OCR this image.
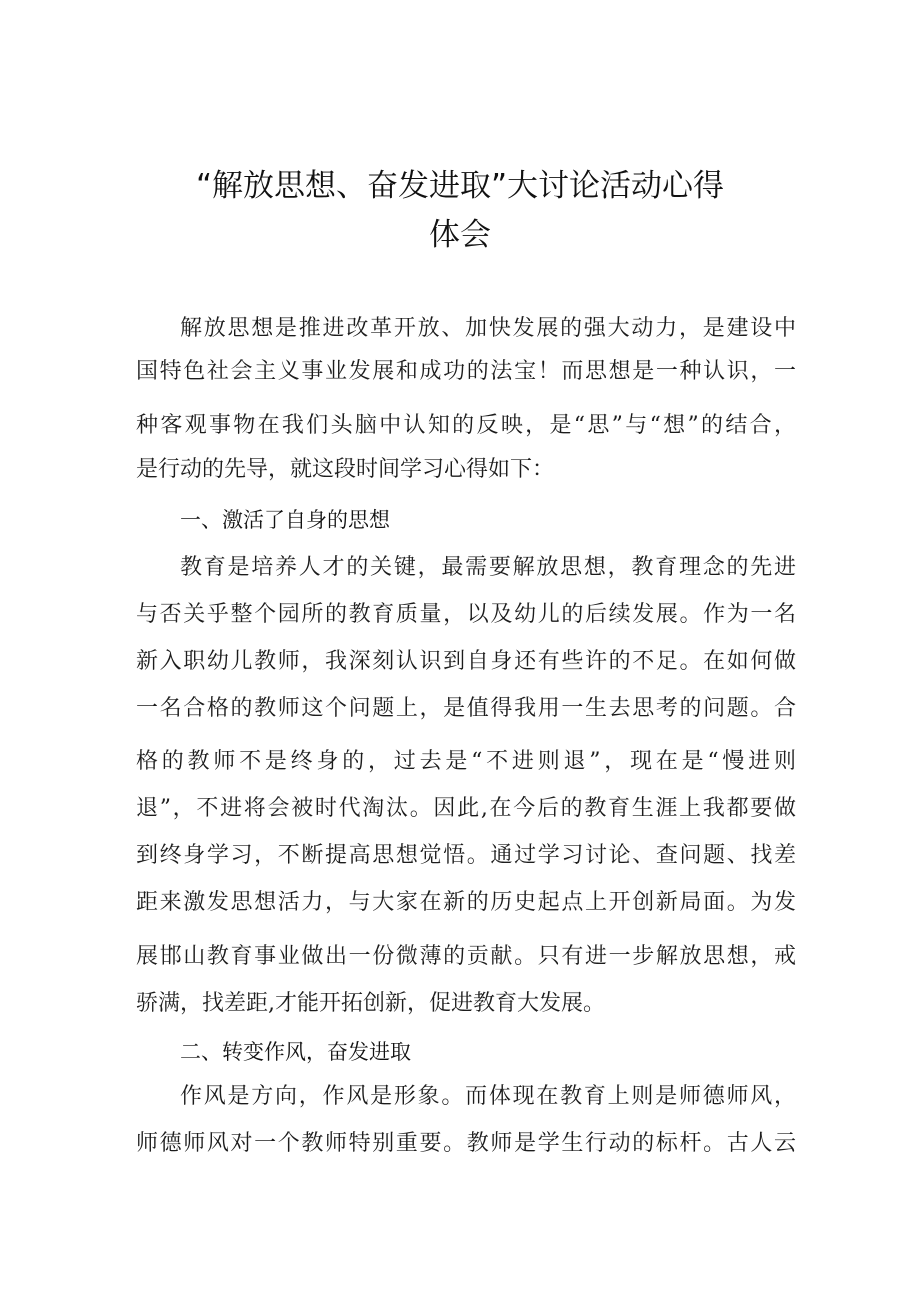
“解放思想、奋发进取”大讨论活动心得
体会
解放思想是推进改革开放、加快发展的强大动力，是建设中
国特色社会主义事业发展和成功的法宝！而思想是一种认识，一
种客观事物在我们头脑中认知的反映，是“思”与“想”的结合，
是行动的先导，就这段时间学习心得如下：
一、激活了自身的思想
教育是培养人才的关键，最需要解放思想，教育理念的先进
与否关乎整个园所的教育质量，以及幼儿的后续发展。作为一名
新入职幼儿教师，我深刻认识到自身还有些许的不足。在如何做
一名合格的教师这个问题上，是值得我用一生去思考的问题。合
格的教师不是终身的，过去是“不进则退”，现在是“慢进则
退”，不进将会被时代淘汰。因此,在今后的教育生涯上我都要做
到终身学习，不断提高思想觉悟。通过学习讨论、查问题、找差
距来激发思想活力，与大家在新的历史起点上开创新局面。为发
展邯山教育事业做出一份微薄的贡献。只有进一步解放思想，戒
骄满，找差距,才能开拓创新，促进教育大发展。
二、转变作风，奋发进取
作风是方向，作风是形象。而体现在教育上则是师德师风，
师德师风对一个教师特别重要。教师是学生行动的标杆。古人云
